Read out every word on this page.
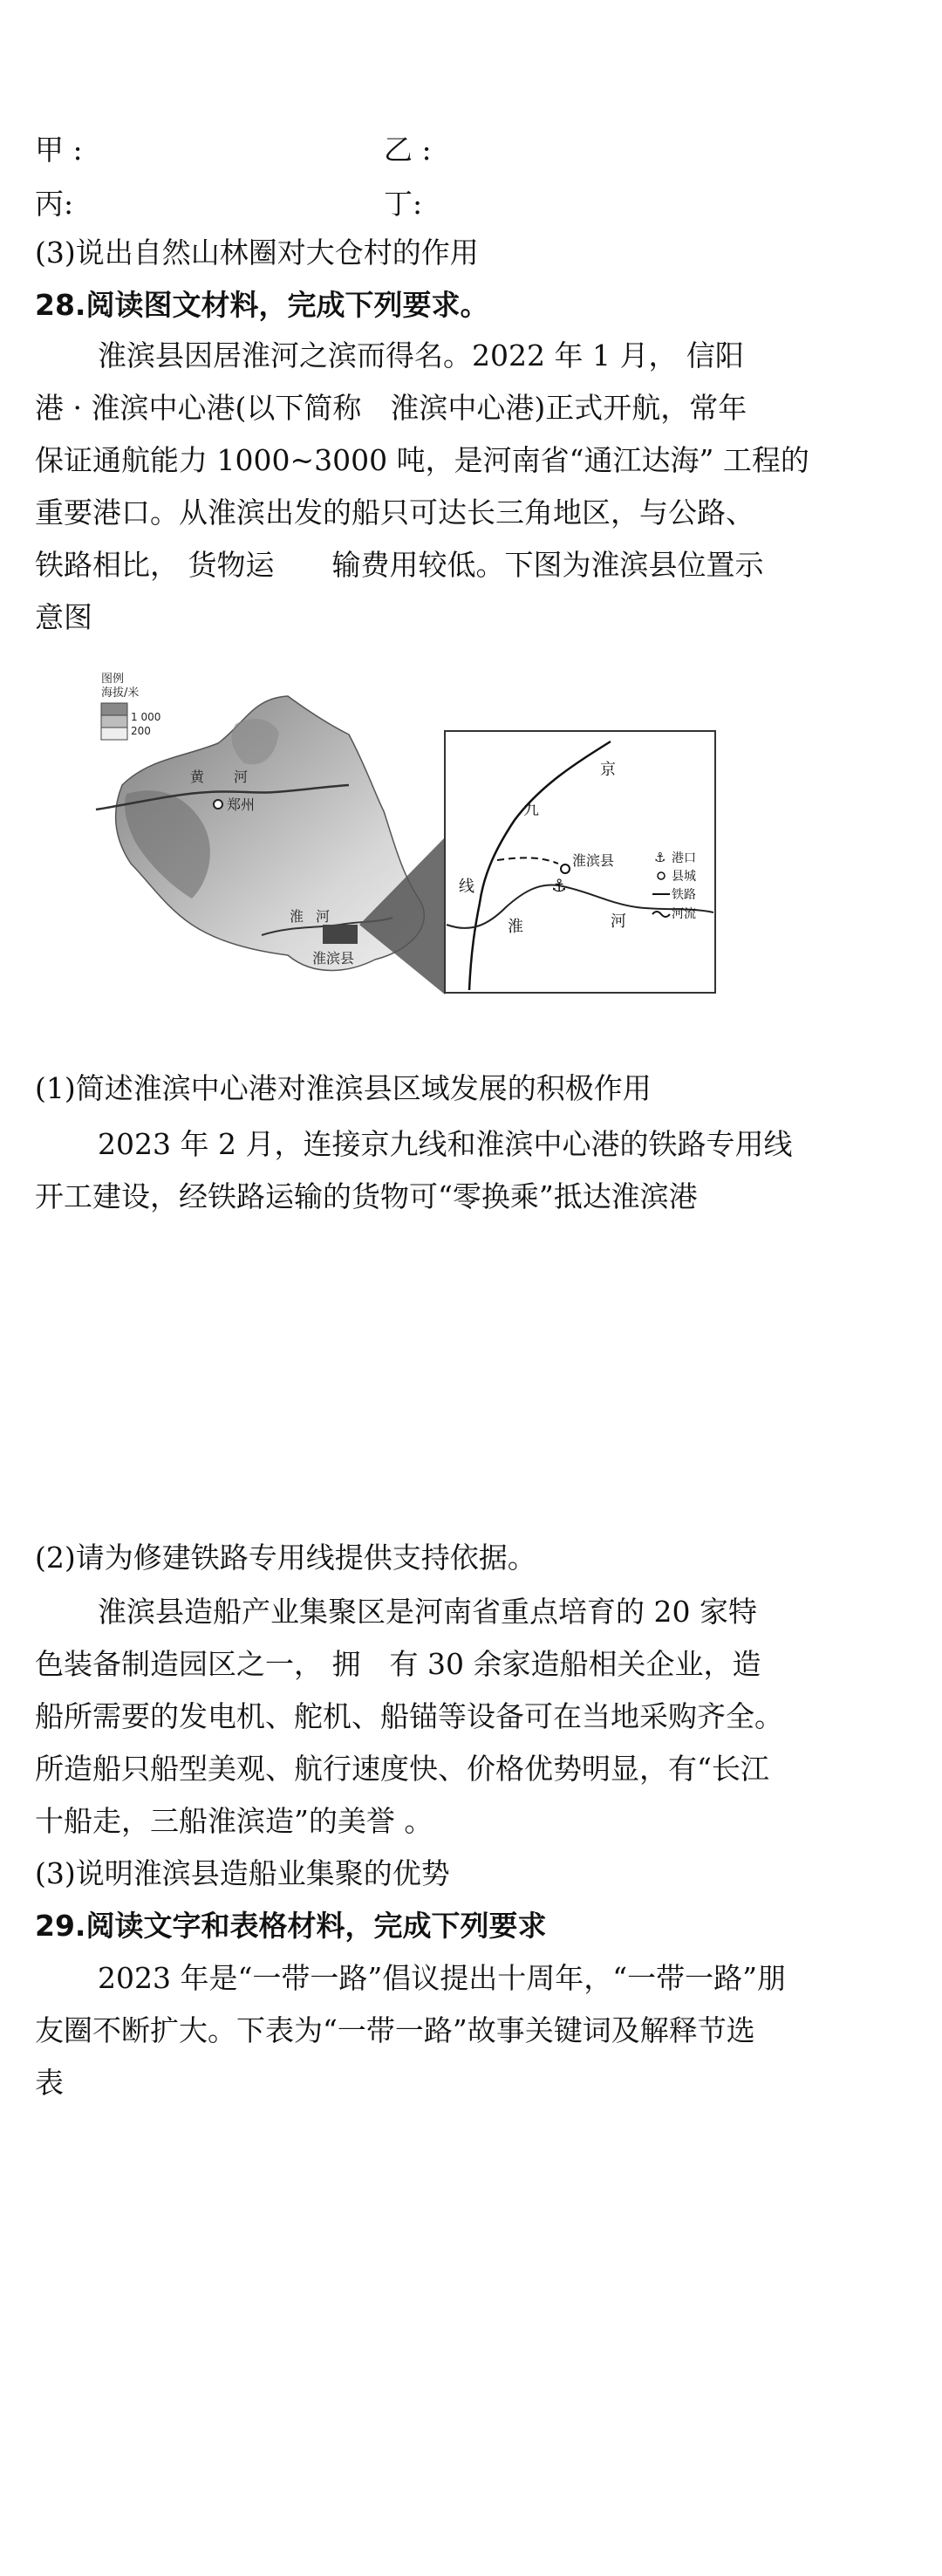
甲 :	乙 :
丙:	丁:
(3)说出自然山林圈对大仓村的作用
28.阅读图文材料，完成下列要求。
淮滨县因居淮河之滨而得名。2022 年 1 月， 信阳
港 · 淮滨中心港(以下简称　淮滨中心港)正式开航，常年
保证通航能力 1000~3000 吨，是河南省“通江达海” 工程的
重要港口。从淮滨出发的船只可达长三角地区，与公路、
铁路相比， 货物运　　输费用较低。下图为淮滨县位置示
意图
黄 河
郑州
淮 河
淮滨县
图例
海拔/米
1 000
200
⚓
淮滨县
京
九
线
淮	河
⚓ 港口
县城
铁路
河流
(1)简述淮滨中心港对淮滨县区域发展的积极作用
2023 年 2 月，连接京九线和淮滨中心港的铁路专用线
开工建设，经铁路运输的货物可“零换乘”抵达淮滨港
(2)请为修建铁路专用线提供支持依据。
淮滨县造船产业集聚区是河南省重点培育的 20 家特
色装备制造园区之一， 拥　有 30 余家造船相关企业，造
船所需要的发电机、舵机、船锚等设备可在当地采购齐全。
所造船只船型美观、航行速度快、价格优势明显，有“长江
十船走，三船淮滨造”的美誉 。
(3)说明淮滨县造船业集聚的优势
29.阅读文字和表格材料，完成下列要求
2023 年是“一带一路”倡议提出十周年，“一带一路”朋
友圈不断扩大。下表为“一带一路”故事关键词及解释节选
表
